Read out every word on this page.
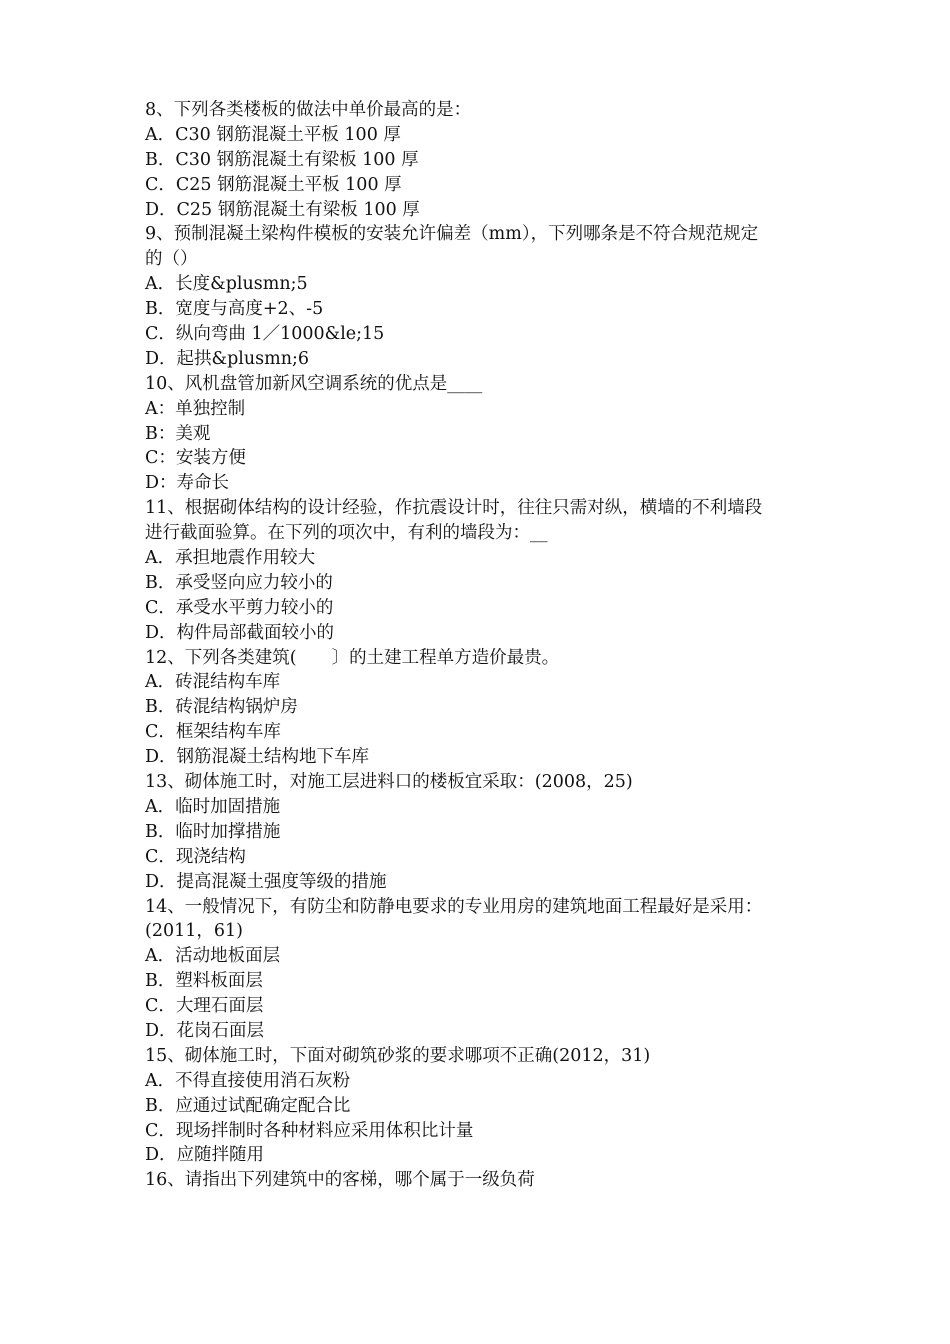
8、下列各类楼板的做法中单价最高的是：
A．C30 钢筋混凝土平板 100 厚
B．C30 钢筋混凝土有梁板 100 厚
C．C25 钢筋混凝土平板 100 厚
D．C25 钢筋混凝土有梁板 100 厚
9、预制混凝土梁构件模板的安装允许偏差（mm），下列哪条是不符合规范规定
的（）
A．长度&plusmn;5
B．宽度与高度+2、-5
C．纵向弯曲 1／1000&le;15
D．起拱&plusmn;6
10、风机盘管加新风空调系统的优点是____
A：单独控制
B：美观
C：安装方便
D：寿命长
11、根据砌体结构的设计经验，作抗震设计时，往往只需对纵，横墙的不利墙段
进行截面验算。在下列的项次中，有利的墙段为：__
A．承担地震作用较大
B．承受竖向应力较小的
C．承受水平剪力较小的
D．构件局部截面较小的
12、下列各类建筑(　　〕的土建工程单方造价最贵。
A．砖混结构车库
B．砖混结构锅炉房
C．框架结构车库
D．钢筋混凝土结构地下车库
13、砌体施工时，对施工层进料口的楼板宜采取：(2008，25)
A．临时加固措施
B．临时加撑措施
C．现浇结构
D．提高混凝土强度等级的措施
14、一般情况下，有防尘和防静电要求的专业用房的建筑地面工程最好是采用：
(2011，61)
A．活动地板面层
B．塑料板面层
C．大理石面层
D．花岗石面层
15、砌体施工时，下面对砌筑砂浆的要求哪项不正确(2012，31)
A．不得直接使用消石灰粉
B．应通过试配确定配合比
C．现场拌制时各种材料应采用体积比计量
D．应随拌随用
16、请指出下列建筑中的客梯，哪个属于一级负荷
